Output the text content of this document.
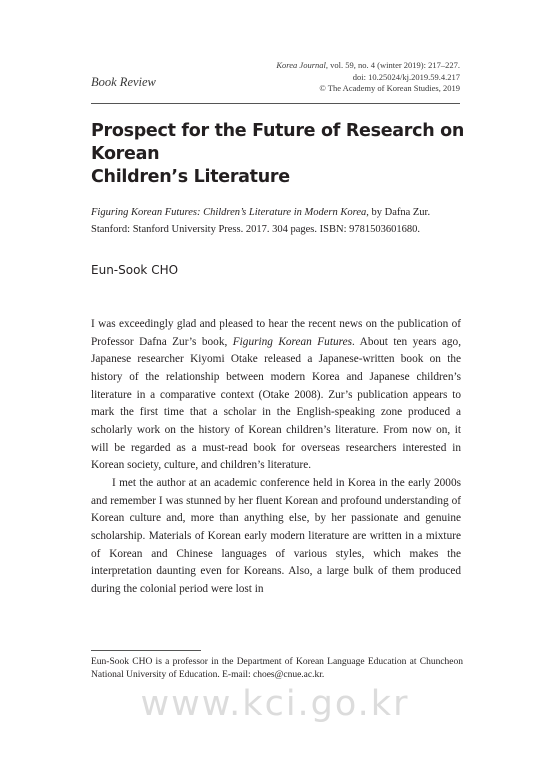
Book Review
Korea Journal, vol. 59, no. 4 (winter 2019): 217–227.
doi: 10.25024/kj.2019.59.4.217
© The Academy of Korean Studies, 2019
Prospect for the Future of Research on Korean
Children’s Literature
Figuring Korean Futures: Children’s Literature in Modern Korea, by Dafna Zur. Stanford: Stanford University Press. 2017. 304 pages. ISBN: 9781503601680.
Eun-Sook CHO

I was exceedingly glad and pleased to hear the recent news on the publication of Professor Dafna Zur’s book, Figuring Korean Futures. About ten years ago, Japanese researcher Kiyomi Otake released a Japanese-written book on the history of the relationship between modern Korea and Japanese children’s literature in a comparative context (Otake 2008). Zur’s publication appears to mark the first time that a scholar in the English-speaking zone produced a scholarly work on the history of Korean children’s literature. From now on, it will be regarded as a must-read book for overseas researchers interested in Korean society, culture, and children’s literature.

I met the author at an academic conference held in Korea in the early 2000s and remember I was stunned by her fluent Korean and profound understanding of Korean culture and, more than anything else, by her passionate and genuine scholarship. Materials of Korean early modern literature are written in a mixture of Korean and Chinese languages of various styles, which makes the interpretation daunting even for Koreans. Also, a large bulk of them produced during the colonial period were lost in

Eun-Sook CHO is a professor in the Department of Korean Language Education at Chuncheon National University of Education. E-mail: choes@cnue.ac.kr.
www.kci.go.kr
